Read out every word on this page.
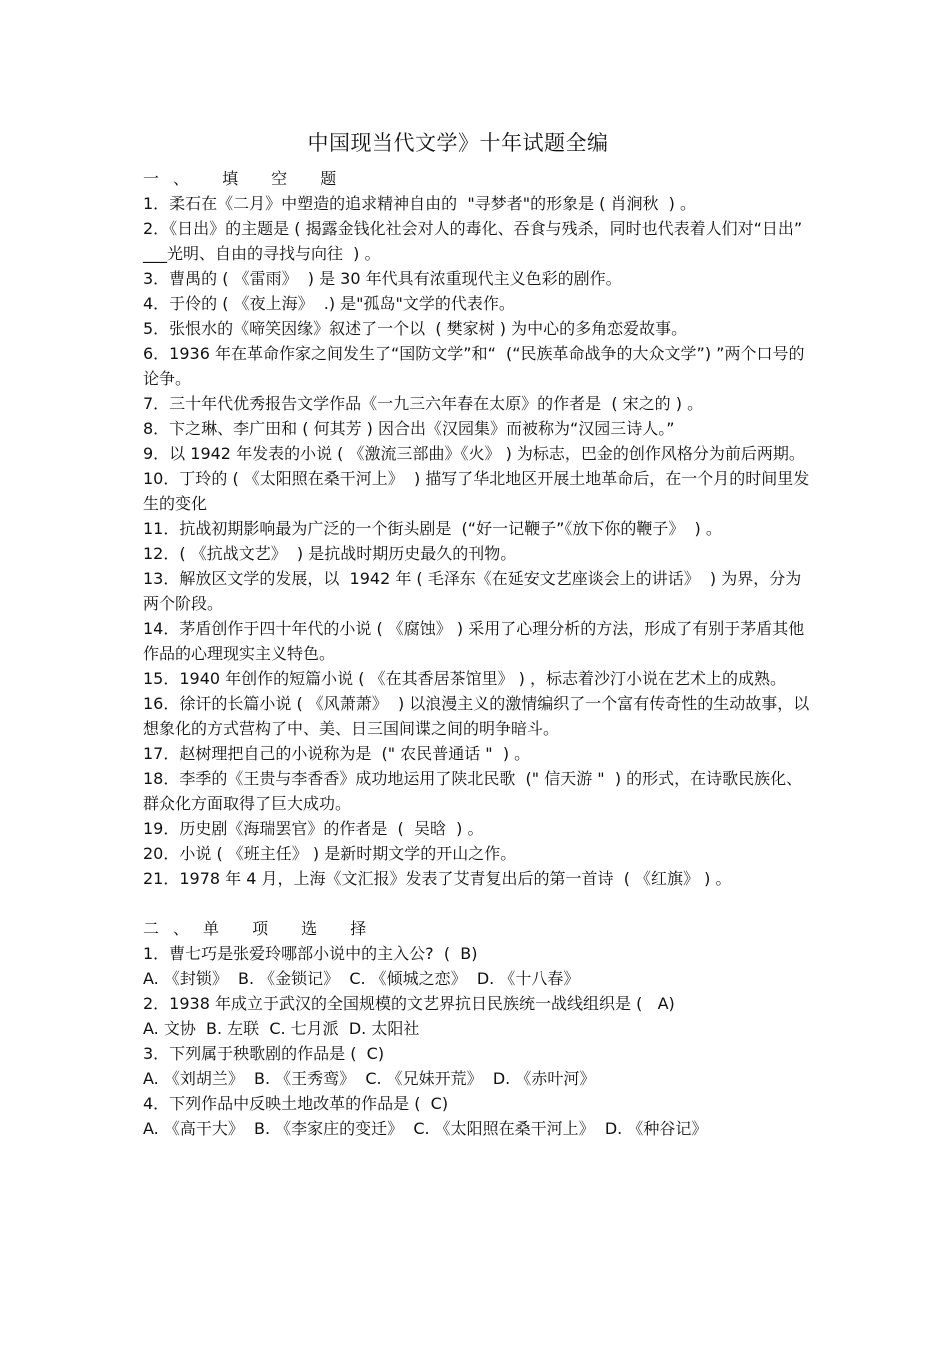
中国现当代文学》十年试题全编
一、 填 空 题
1．柔石在《二月》中塑造的追求精神自由的  "寻梦者"的形象是 ( 肖涧秋  ) 。
2．《日出》的主题是 ( 揭露金钱化社会对人的毒化、吞食与残杀，同时也代表着人们对“日出”  ___光明、自由的寻找与向往  ) 。
3．曹禺的 ( 《雷雨》  ) 是 30 年代具有浓重现代主义色彩的剧作。
4．于伶的 ( 《夜上海》  .) 是"孤岛"文学的代表作。
5．张恨水的《啼笑因缘》叙述了一个以  ( 樊家树 ) 为中心的多角恋爱故事。
6．1936 年在革命作家之间发生了“国防文学”和“  (“民族革命战争的大众文学”) ”两个口号的论争。
7．三十年代优秀报告文学作品《一九三六年春在太原》的作者是  ( 宋之的 ) 。
8．卞之琳、李广田和 ( 何其芳 ) 因合出《汉园集》而被称为“汉园三诗人。”
9．以 1942 年发表的小说 ( 《激流三部曲》《火》 ) 为标志，巴金的创作风格分为前后两期。
10．丁玲的 ( 《太阳照在桑干河上》  ) 描写了华北地区开展土地革命后，在一个月的时间里发生的变化
11．抗战初期影响最为广泛的一个街头剧是  (“好一记鞭子”《放下你的鞭子》  ) 。
12．( 《抗战文艺》  ) 是抗战时期历史最久的刊物。
13．解放区文学的发展，以  1942 年 ( 毛泽东《在延安文艺座谈会上的讲话》  ) 为界，分为两个阶段。
14．茅盾创作于四十年代的小说 ( 《腐蚀》 ) 采用了心理分析的方法，形成了有别于茅盾其他作品的心理现实主义特色。
15．1940 年创作的短篇小说 ( 《在其香居茶馆里》 ) ，标志着沙汀小说在艺术上的成熟。
16．徐讦的长篇小说 ( 《风萧萧》  ) 以浪漫主义的激情编织了一个富有传奇性的生动故事，以想象化的方式营构了中、美、日三国间谍之间的明争暗斗。
17．赵树理把自己的小说称为是  (" 农民普通话 "  ) 。
18．李季的《王贵与李香香》成功地运用了陕北民歌  (" 信天游 "  ) 的形式，在诗歌民族化、群众化方面取得了巨大成功。
19．历史剧《海瑞罢官》的作者是  (  吴晗  ) 。
20．小说 ( 《班主任》 ) 是新时期文学的开山之作。
21．1978 年 4 月，上海《文汇报》发表了艾青复出后的第一首诗  ( 《红旗》 ) 。
二、单 项 选 择
1．曹七巧是张爱玲哪部小说中的主入公?  (  B)
A. 《封锁》  B. 《金锁记》  C. 《倾城之恋》  D. 《十八春》
2．1938 年成立于武汉的全国规模的文艺界抗日民族统一战线组织是 (   A)
A. 文协  B. 左联  C. 七月派  D. 太阳社
3．下列属于秧歌剧的作品是 (  C)
A. 《刘胡兰》  B. 《王秀鸾》  C. 《兄妹开荒》  D. 《赤叶河》
4．下列作品中反映土地改革的作品是 (  C)
A. 《高干大》  B. 《李家庄的变迁》  C. 《太阳照在桑干河上》  D. 《种谷记》
